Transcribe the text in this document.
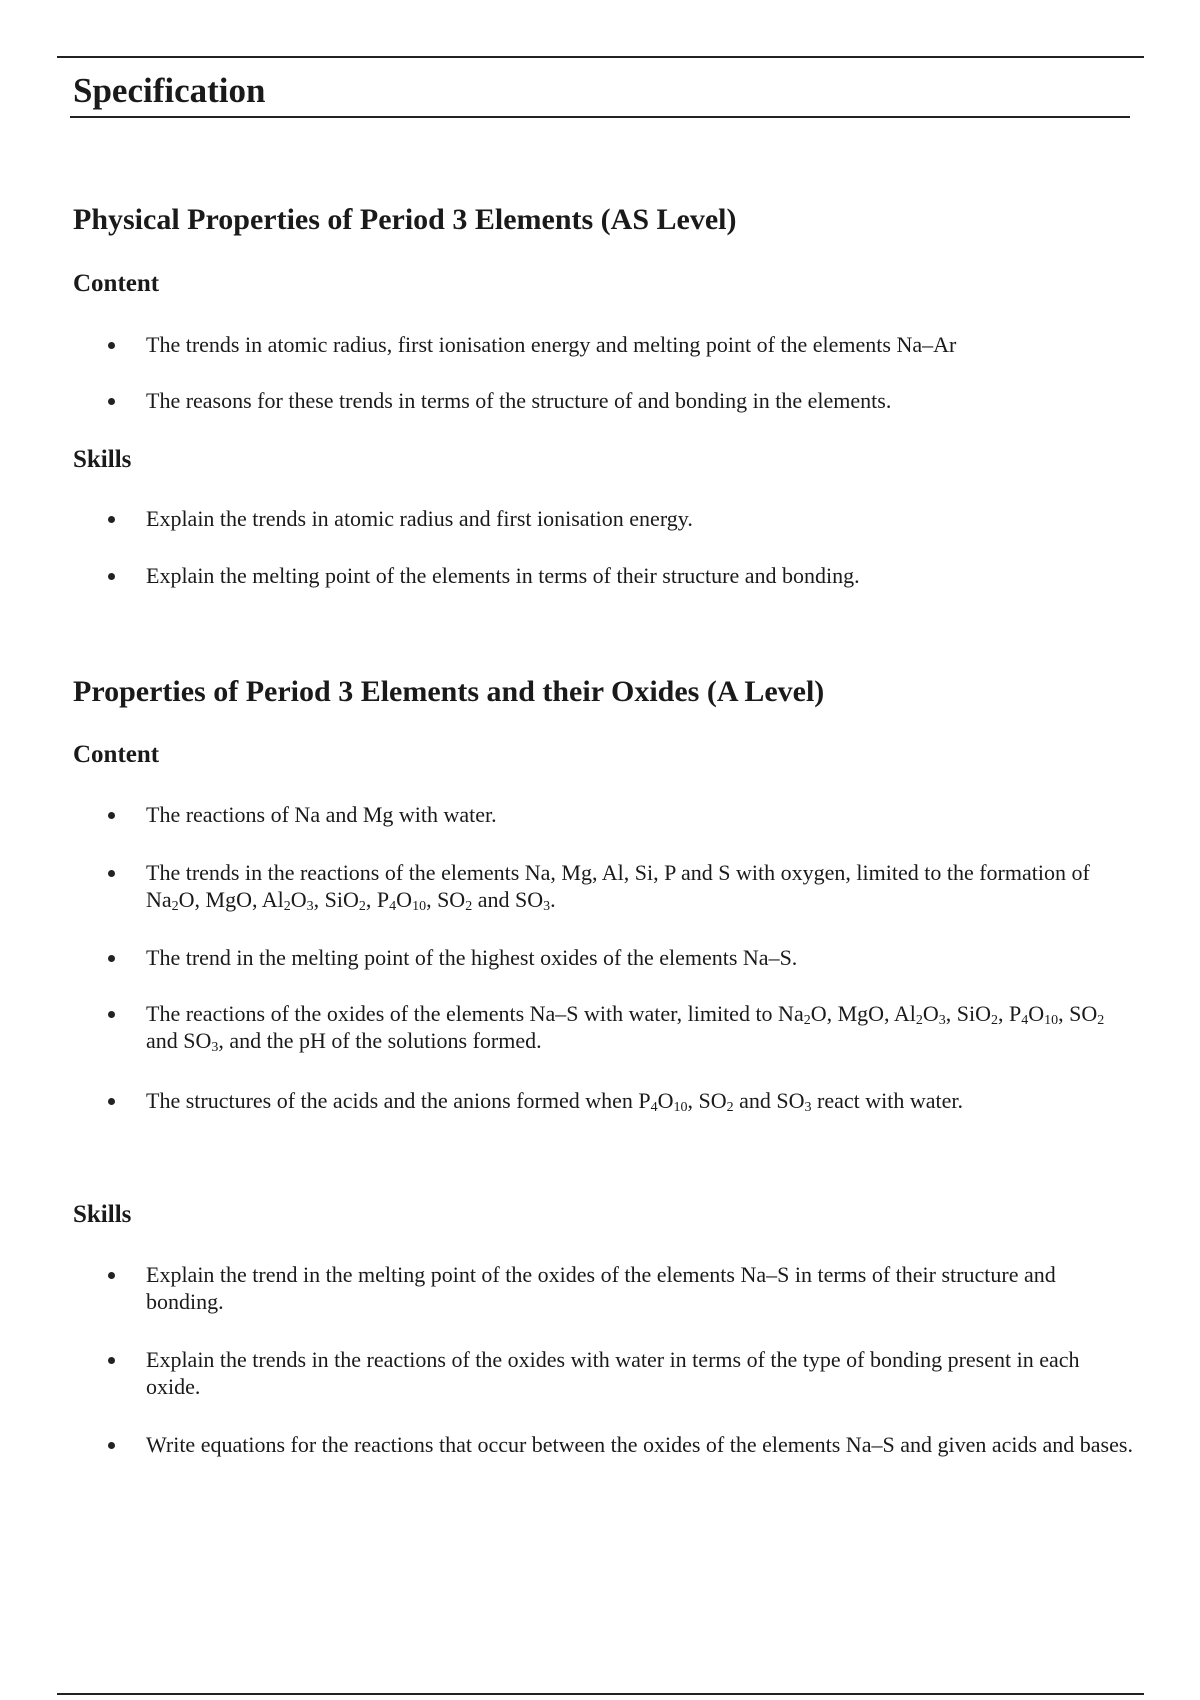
Specification
Physical Properties of Period 3 Elements (AS Level)
Content
The trends in atomic radius, first ionisation energy and melting point of the elements Na–Ar
The reasons for these trends in terms of the structure of and bonding in the elements.
Skills
Explain the trends in atomic radius and first ionisation energy.
Explain the melting point of the elements in terms of their structure and bonding.
Properties of Period 3 Elements and their Oxides (A Level)
Content
The reactions of Na and Mg with water.
The trends in the reactions of the elements Na, Mg, Al, Si, P and S with oxygen, limited to the formation of $Na_2O$, MgO, $Al_2O_3$, SiO$_2$, $P_4O_{10}$, $SO_2$ and $SO_3$.
The trend in the melting point of the highest oxides of the elements Na–S.
The reactions of the oxides of the elements Na–S with water, limited to $Na_2O$, MgO, $Al_2O_3$, SiO$_2$, $P_4O_{10}$, $SO_2$ and $SO_3$, and the pH of the solutions formed.
The structures of the acids and the anions formed when $P_4O_{10}$, $SO_2$ and $SO_3$ react with water.
Skills
Explain the trend in the melting point of the oxides of the elements Na–S in terms of their structure and bonding.
Explain the trends in the reactions of the oxides with water in terms of the type of bonding present in each oxide.
Write equations for the reactions that occur between the oxides of the elements Na–S and given acids and bases.
